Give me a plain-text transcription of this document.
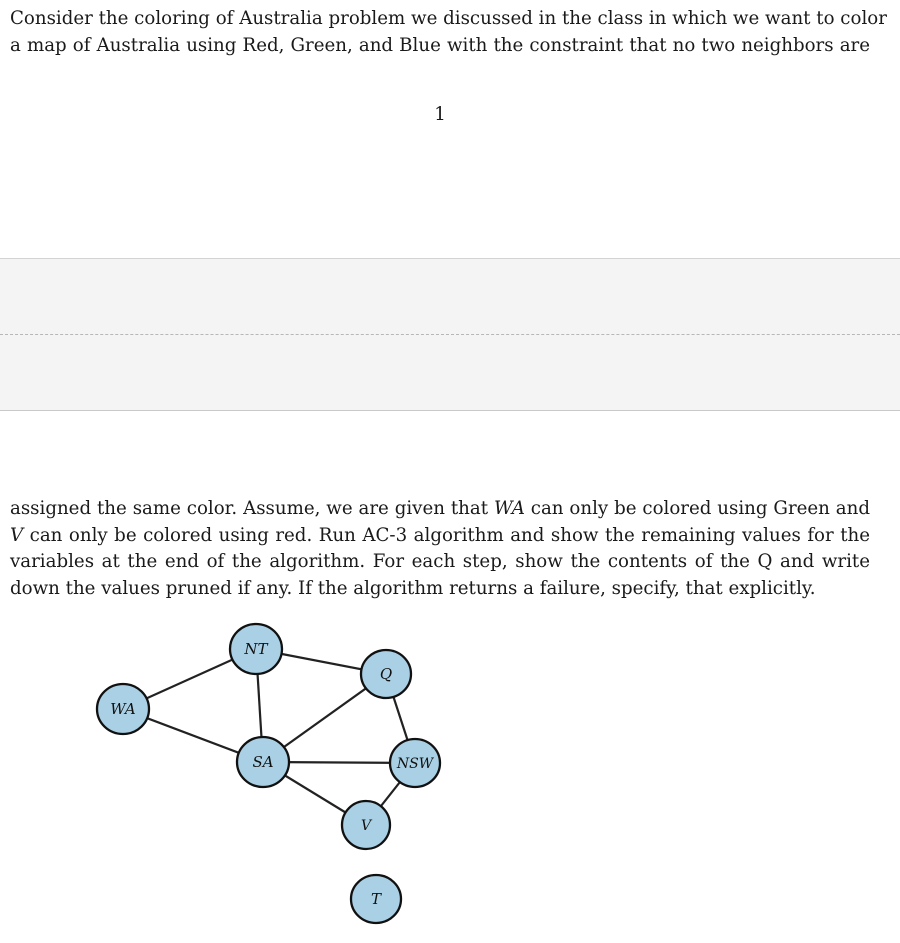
Consider the coloring of Australia problem we discussed in the class in which we want to color
a map of Australia using Red, Green, and Blue with the constraint that no two neighbors are
1
assigned the same color. Assume, we are given that WA can only be colored using Green and
V can only be colored using red. Run AC-3 algorithm and show the remaining values for the
variables at the end of the algorithm. For each step, show the contents of the Q and write
down the values pruned if any. If the algorithm returns a failure, specify, that explicitly.
WA
NT
Q
SA	NSW
V
T
